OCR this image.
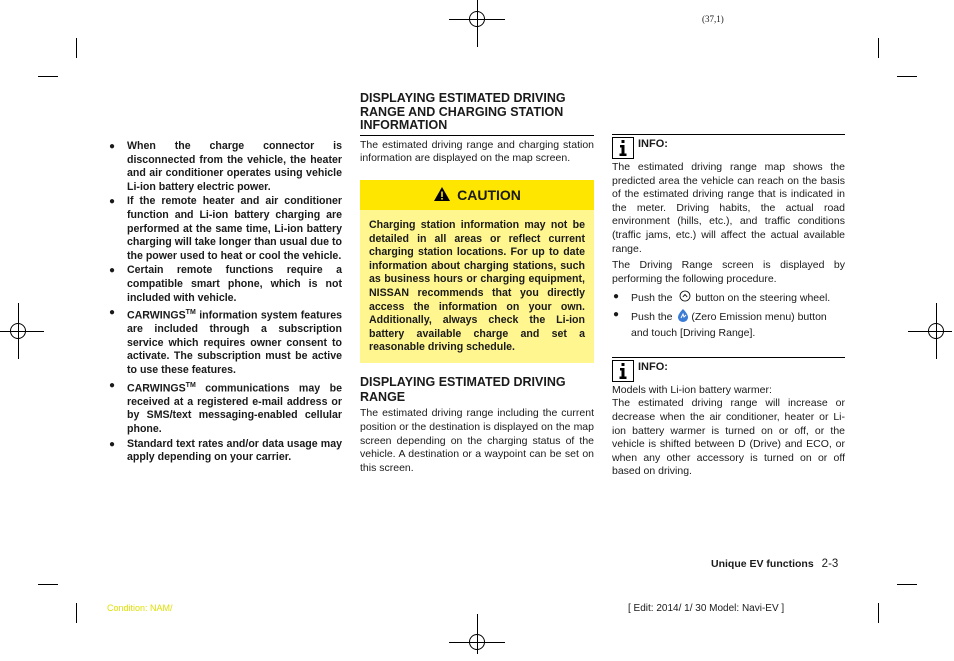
(37,1)
● When the charge connector is disconnected from the vehicle, the heater and air conditioner operates using vehicle Li-ion battery electric power.
● If the remote heater and air conditioner function and Li-ion battery charging are performed at the same time, Li-ion battery charging will take longer than usual due to the power used to heat or cool the vehicle.
● Certain remote functions require a compatible smart phone, which is not included with vehicle.
● CARWINGS™ information system features are included through a subscription service which requires owner consent to activate. The subscription must be active to use these features.
● CARWINGS™ communications may be received at a registered e-mail address or by SMS/text messaging-enabled cellular phone.
● Standard text rates and/or data usage may apply depending on your carrier.
DISPLAYING ESTIMATED DRIVING RANGE AND CHARGING STATION INFORMATION
The estimated driving range and charging station information are displayed on the map screen.
CAUTION
Charging station information may not be detailed in all areas or reflect current charging station locations. For up to date information about charging stations, such as business hours or charging equipment, NISSAN recommends that you directly access the information on your own. Additionally, always check the Li-ion battery available charge and set a reasonable driving schedule.
DISPLAYING ESTIMATED DRIVING RANGE
The estimated driving range including the current position or the destination is displayed on the map screen depending on the charging status of the vehicle. A destination or a waypoint can be set on this screen.
INFO:
The estimated driving range map shows the predicted area the vehicle can reach on the basis of the estimated driving range that is indicated in the meter. Driving habits, the actual road environment (hills, etc.), and traffic conditions (traffic jams, etc.) will affect the actual available range.
The Driving Range screen is displayed by performing the following procedure.
● Push the button on the steering wheel.
● Push the (Zero Emission menu) button and touch [Driving Range].
INFO:
Models with Li-ion battery warmer:
The estimated driving range will increase or decrease when the air conditioner, heater or Li-ion battery warmer is turned on or off, or the vehicle is shifted between D (Drive) and ECO, or when any other accessory is turned on or off based on driving.
Unique EV functions 2-3
Condition: NAM/	[ Edit: 2014/ 1/ 30 Model: Navi-EV ]
